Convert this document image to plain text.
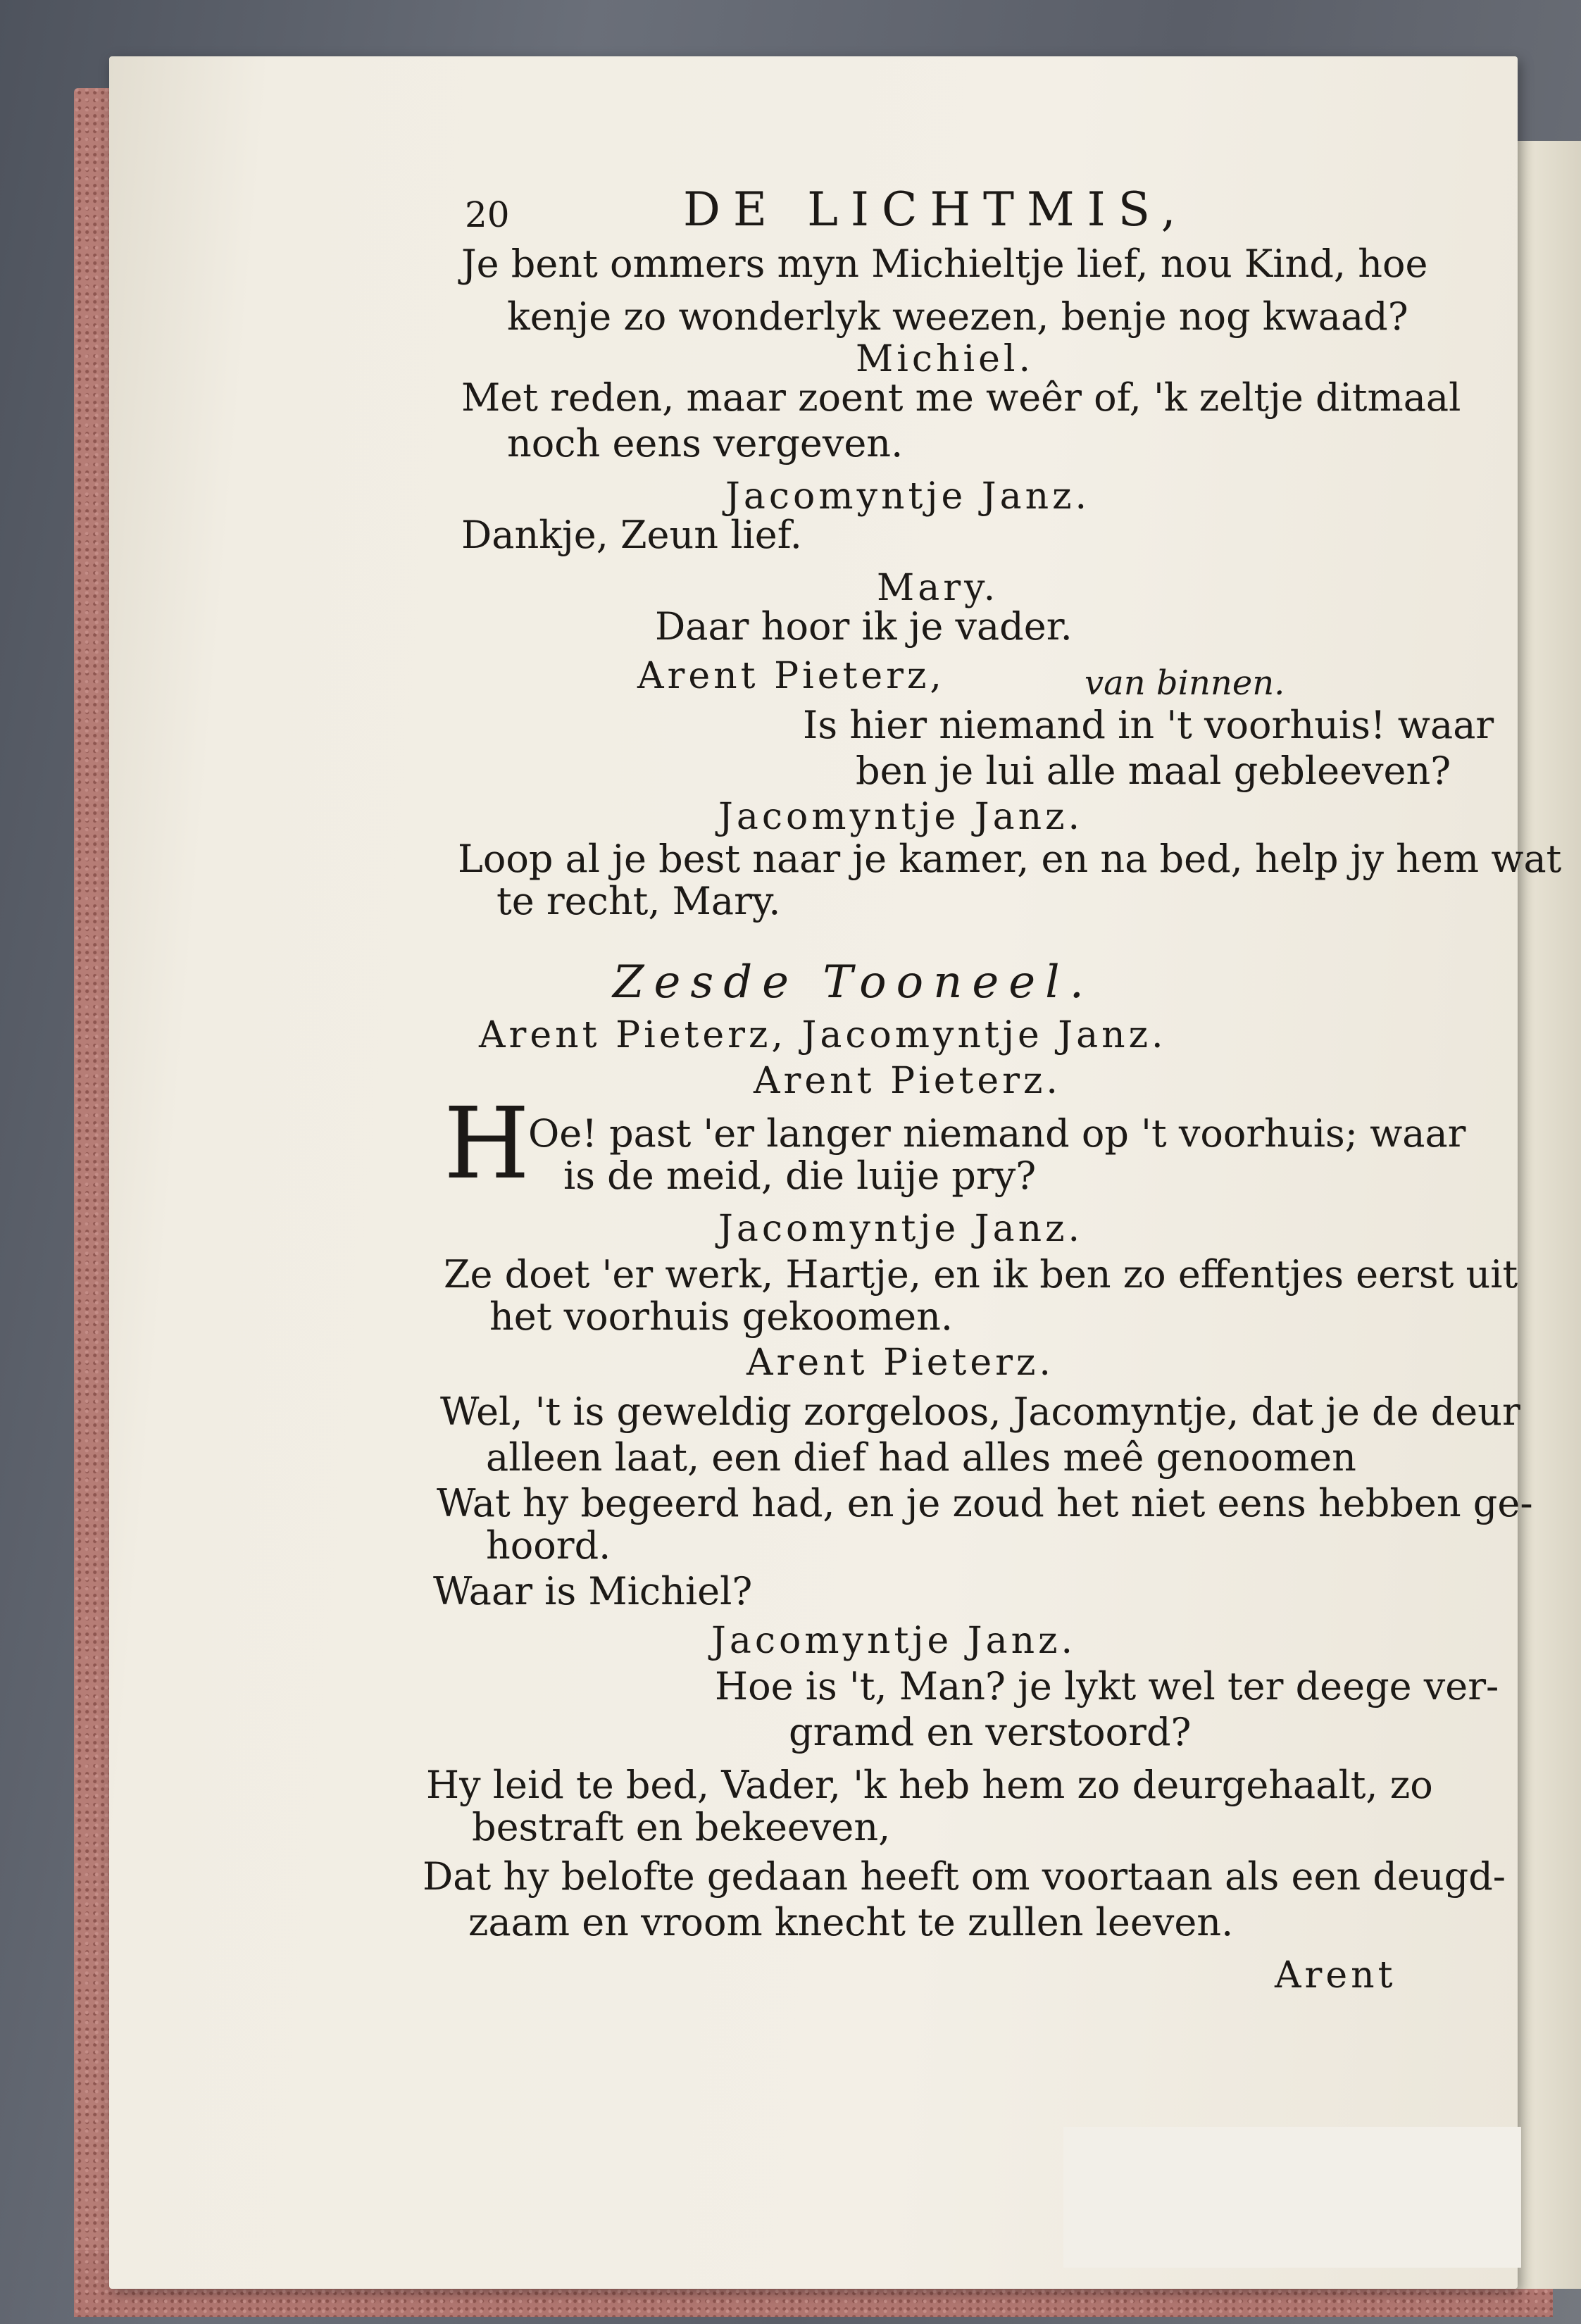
20	DE LICHTMIS,
Je bent ommers myn Michieltje lief, nou Kind, hoe
kenje zo wonderlyk weezen, benje nog kwaad?
Michiel.
Met reden, maar zoent me weêr of, 'k zeltje ditmaal
noch eens vergeven.
Jacomyntje Janz.
Dankje, Zeun lief.
Mary.
Daar hoor ik je vader.
Arent Pieterz,	van binnen.
Is hier niemand in 't voorhuis! waar
ben je lui alle maal gebleeven?
Jacomyntje Janz.
Loop al je best naar je kamer, en na bed, help jy hem wat
te recht, Mary.
Zesde Tooneel.
Arent Pieterz, Jacomyntje Janz.
Arent Pieterz.
H
Oe! past 'er langer niemand op 't voorhuis; waar
is de meid, die luije pry?
Jacomyntje Janz.
Ze doet 'er werk, Hartje, en ik ben zo effentjes eerst uit
het voorhuis gekoomen.
Arent Pieterz.
Wel, 't is geweldig zorgeloos, Jacomyntje, dat je de deur
alleen laat, een dief had alles meê genoomen
Wat hy begeerd had, en je zoud het niet eens hebben ge-
hoord.
Waar is Michiel?
Jacomyntje Janz.
Hoe is 't, Man? je lykt wel ter deege ver-
gramd en verstoord?
Hy leid te bed, Vader, 'k heb hem zo deurgehaalt, zo
bestraft en bekeeven,
Dat hy belofte gedaan heeft om voortaan als een deugd-
zaam en vroom knecht te zullen leeven.
Arent
